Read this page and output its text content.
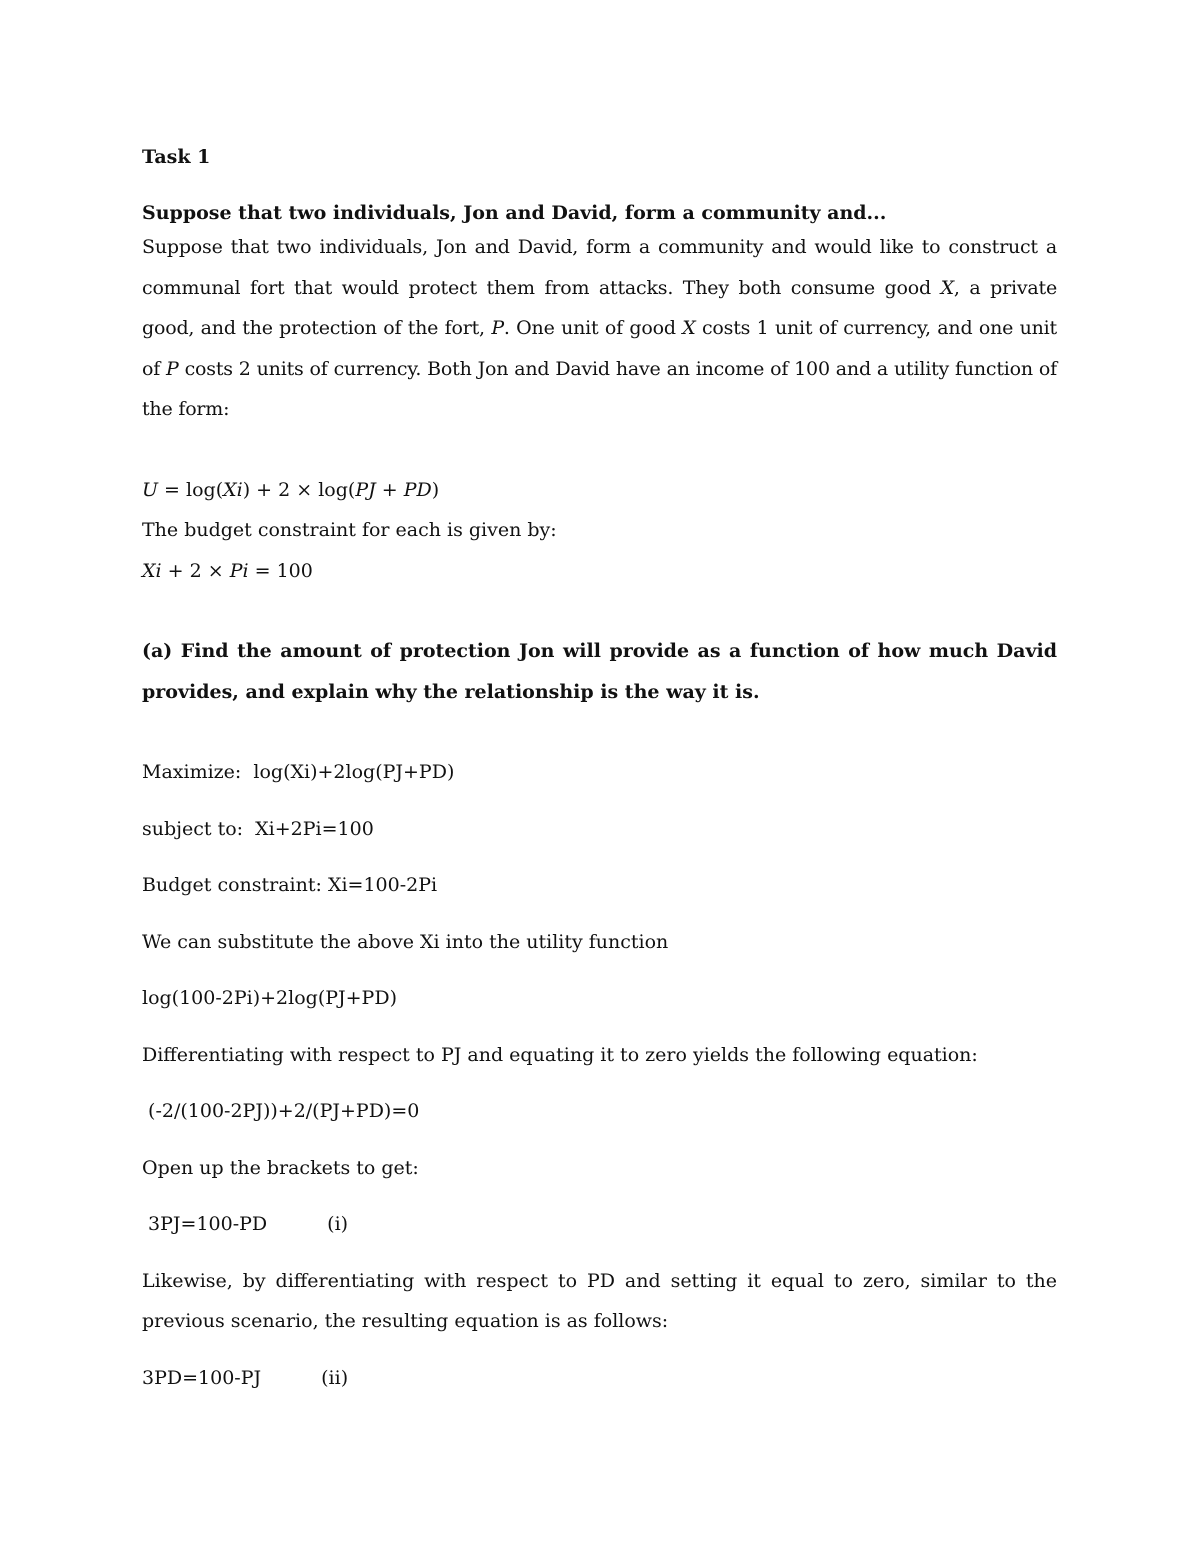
Task 1

Suppose that two individuals, Jon and David, form a community and...

Suppose that two individuals, Jon and David, form a community and would like to construct a communal fort that would protect them from attacks. They both consume good X, a private good, and the protection of the fort, P. One unit of good X costs 1 unit of currency, and one unit of P costs 2 units of currency. Both Jon and David have an income of 100 and a utility function of the form:

U = log(Xi) + 2 × log(PJ + PD)

The budget constraint for each is given by:

Xi + 2 × Pi = 100

(a) Find the amount of protection Jon will provide as a function of how much David provides, and explain why the relationship is the way it is.

Maximize:  log(Xi)+2log(PJ+PD)

subject to:  Xi+2Pi=100

Budget constraint: Xi=100-2Pi

We can substitute the above Xi into the utility function

log(100-2Pi)+2log(PJ+PD)

Differentiating with respect to PJ and equating it to zero yields the following equation:

(-2/(100-2PJ))+2/(PJ+PD)=0

Open up the brackets to get:

3PJ=100-PD	(i)

Likewise, by differentiating with respect to PD and setting it equal to zero, similar to the previous scenario, the resulting equation is as follows:

3PD=100-PJ	(ii)
